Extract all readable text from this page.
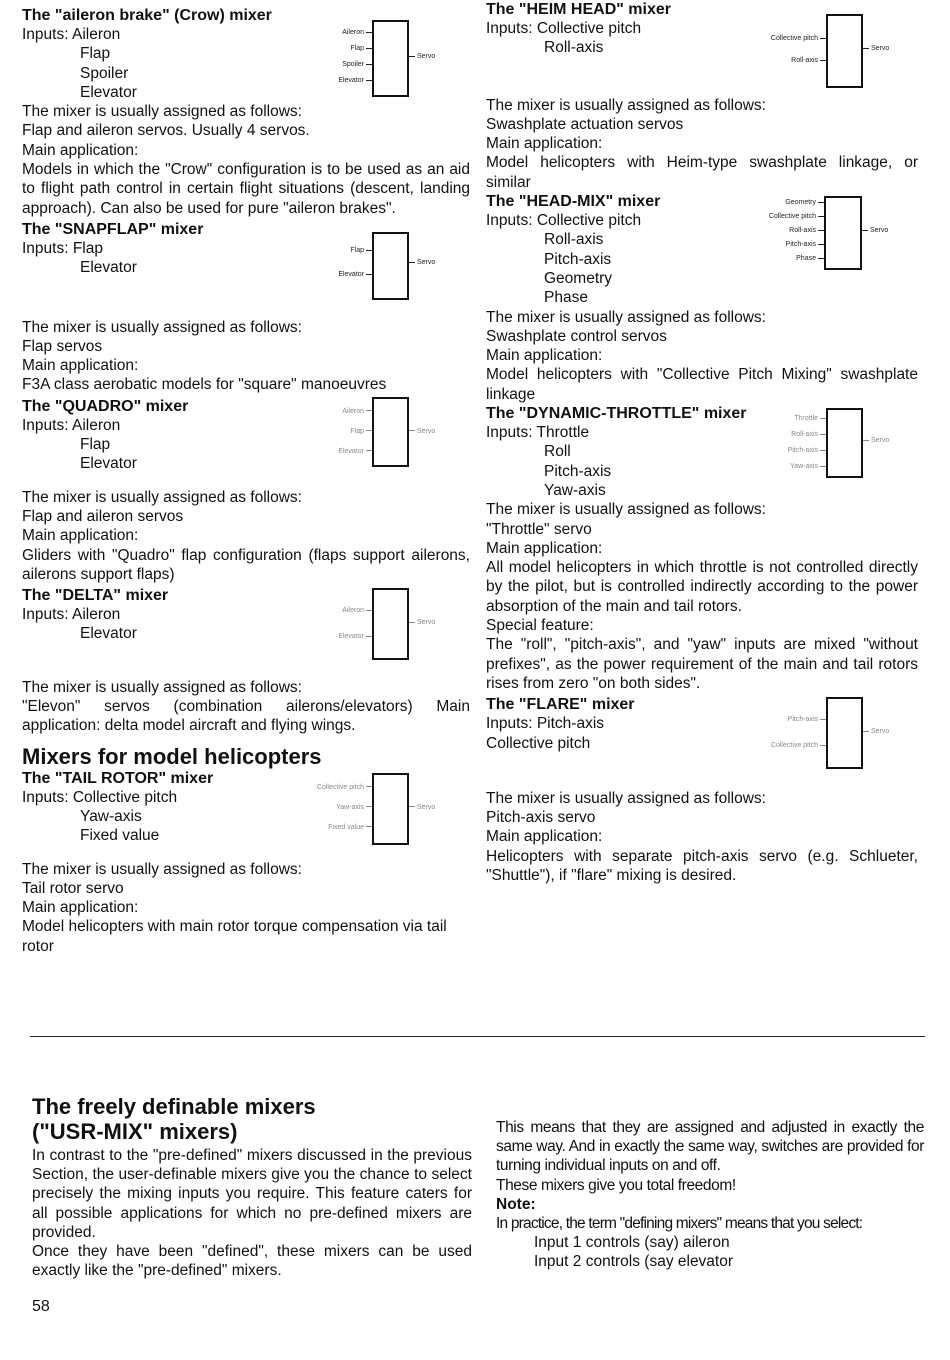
The "aileron brake" (Crow) mixer

Inputs: Aileron

Flap

Spoiler

Elevator

Aileron
Flap
Spoiler
Elevator
Servo

The mixer is usually assigned as follows:

Flap and aileron servos. Usually 4 servos.

Main application:

Models in which the "Crow" configuration is to be used as an aid to flight path control in certain flight situations (descent, landing approach). Can also be used for pure "aileron brakes".

The "SNAPFLAP" mixer

Inputs: Flap

Elevator

Flap
Elevator
Servo

The mixer is usually assigned as follows:

Flap servos

Main application:

F3A class aerobatic models for "square" manoeuvres

The "QUADRO" mixer

Inputs: Aileron

Flap

Elevator

Aileron
Flap
Elevator
Servo

The mixer is usually assigned as follows:

Flap and aileron servos

Main application:

Gliders with "Quadro" flap configuration (flaps support ailerons, ailerons support flaps)

The "DELTA" mixer

Inputs: Aileron

Elevator

Aileron
Elevator
Servo

The mixer is usually assigned as follows:

"Elevon" servos (combination ailerons/elevators) Main application: delta model aircraft and flying wings.

Mixers for model helicopters

The "TAIL ROTOR" mixer

Inputs: Collective pitch

Yaw-axis

Fixed value

Collective pitch
Yaw-axis
Fixed value
Servo

The mixer is usually assigned as follows:

Tail rotor servo

Main application:

Model helicopters with main rotor torque compensation via tail rotor

The "HEIM HEAD" mixer

Inputs: Collective pitch

Roll-axis

Collective pitch
Roll-axis
Servo

The mixer is usually assigned as follows:

Swashplate actuation servos

Main application:

Model helicopters with Heim-type swashplate linkage, or similar

The "HEAD-MIX" mixer

Inputs: Collective pitch

Roll-axis

Pitch-axis

Geometry

Phase

Geometry
Collective pitch
Roll-axis
Pitch-axis
Phase
Servo

The mixer is usually assigned as follows:

Swashplate control servos

Main application:

Model helicopters with "Collective Pitch Mixing" swashplate linkage

The "DYNAMIC-THROTTLE" mixer

Inputs: Throttle

Roll

Pitch-axis

Yaw-axis

Throttle
Roll-axis
Pitch-axis
Yaw-axis
Servo

The mixer is usually assigned as follows:

"Throttle" servo

Main application:

All model helicopters in which throttle is not controlled directly by the pilot, but is controlled indirectly according to the power absorption of the main and tail rotors.

Special feature:

The "roll", "pitch-axis", and "yaw" inputs are mixed "without prefixes", as the power requirement of the main and tail rotors rises from zero "on both sides".

The "FLARE" mixer

Inputs: Pitch-axis

Collective pitch

Pitch-axis
Collective pitch
Servo

The mixer is usually assigned as follows:

Pitch-axis servo

Main application:

Helicopters with separate pitch-axis servo (e.g. Schlueter, "Shuttle"), if "flare" mixing is desired.

The freely definable mixers

("USR-MIX" mixers)

In contrast to the "pre-defined" mixers discussed in the previous Section, the user-definable mixers give you the chance to select precisely the mixing inputs you require. This feature caters for all possible applications for which no pre-defined mixers are provided.

Once they have been "defined", these mixers can be used exactly like the "pre-defined" mixers.

This means that they are assigned and adjusted in exactly the same way. And in exactly the same way, switches are provided for turning individual inputs on and off.

These mixers give you total freedom!

Note:

In practice, the term "defining mixers" means that you select:

Input 1 controls (say) aileron

Input 2 controls (say elevator

58
